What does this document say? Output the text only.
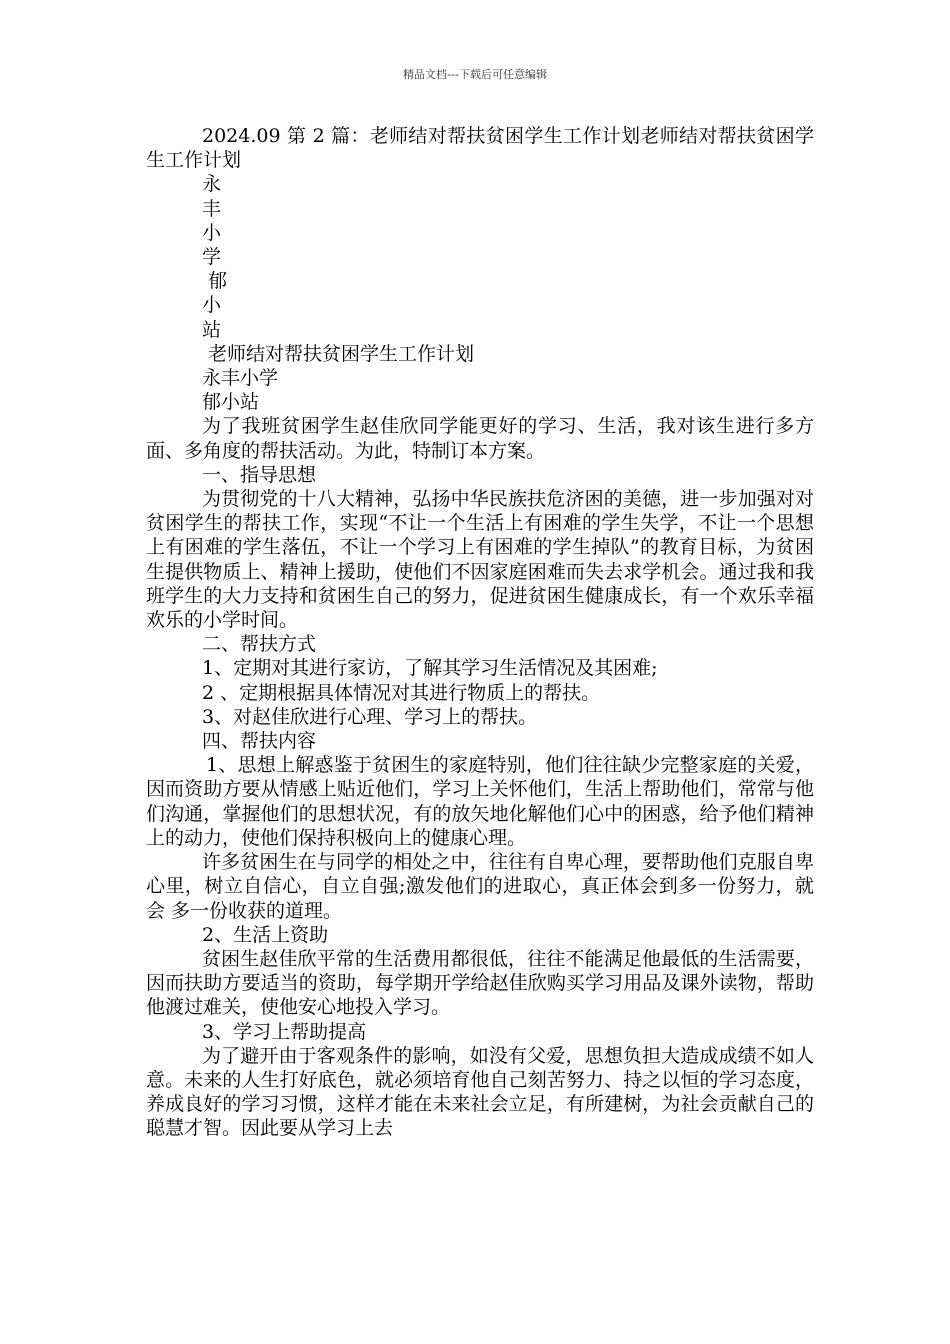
精品文档---下载后可任意编辑

2024.09 第 2 篇：老师结对帮扶贫困学生工作计划老师结对帮扶贫困学生工作计划

永

丰

小

学

郁

小

站

老师结对帮扶贫困学生工作计划

永丰小学

郁小站

为了我班贫困学生赵佳欣同学能更好的学习、生活，我对该生进行多方面、多角度的帮扶活动。为此，特制订本方案。

一、指导思想

为贯彻党的十八大精神，弘扬中华民族扶危济困的美德，进一步加强对对贫困学生的帮扶工作，实现“不让一个生活上有困难的学生失学，不让一个思想上有困难的学生落伍，不让一个学习上有困难的学生掉队”的教育目标，为贫困生提供物质上、精神上援助，使他们不因家庭困难而失去求学机会。通过我和我班学生的大力支持和贫困生自己的努力，促进贫困生健康成长，有一个欢乐幸福欢乐的小学时间。

二、帮扶方式

1、定期对其进行家访，了解其学习生活情况及其困难;

2 、定期根据具体情况对其进行物质上的帮扶。

3、对赵佳欣进行心理、学习上的帮扶。

四、帮扶内容

1、思想上解惑鉴于贫困生的家庭特别，他们往往缺少完整家庭的关爱，因而资助方要从情感上贴近他们，学习上关怀他们，生活上帮助他们，常常与他们沟通，掌握他们的思想状况，有的放矢地化解他们心中的困惑，给予他们精神上的动力，使他们保持积极向上的健康心理。

许多贫困生在与同学的相处之中，往往有自卑心理，要帮助他们克服自卑心里，树立自信心，自立自强;激发他们的进取心，真正体会到多一份努力，就会 多一份收获的道理。

2、生活上资助

贫困生赵佳欣平常的生活费用都很低，往往不能满足他最低的生活需要，因而扶助方要适当的资助，每学期开学给赵佳欣购买学习用品及课外读物，帮助他渡过难关，使他安心地投入学习。

3、学习上帮助提高

为了避开由于客观条件的影响，如没有父爱，思想负担大造成成绩不如人意。未来的人生打好底色，就必须培育他自己刻苦努力、持之以恒的学习态度，养成良好的学习习惯，这样才能在未来社会立足，有所建树，为社会贡献自己的聪慧才智。因此要从学习上去
